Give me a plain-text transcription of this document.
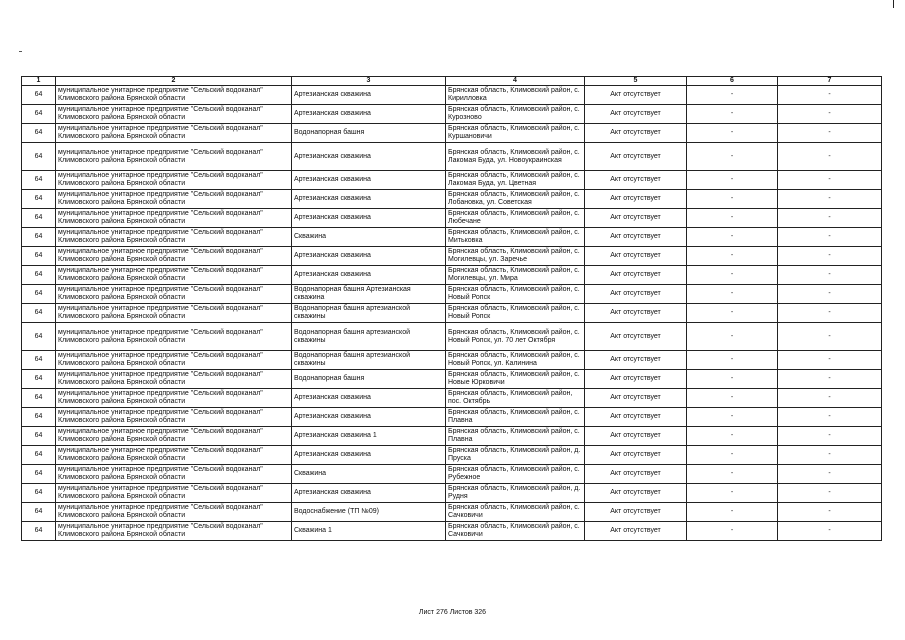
1	2	3	4	5	6	7
64	муниципальное унитарное предприятие "Сельский водоканал" Климовского района Брянской области	Артезианская скважина	Брянская область, Климовский район, с. Кирилловка	Акт отсутствует	-	-
64	муниципальное унитарное предприятие "Сельский водоканал" Климовского района Брянской области	Артезианская скважина	Брянская область, Климовский район, с. Курозново	Акт отсутствует	-	-
64	муниципальное унитарное предприятие "Сельский водоканал" Климовского района Брянской области	Водонапорная башня	Брянская область, Климовский район, с. Куршановичи	Акт отсутствует	-	-
64	муниципальное унитарное предприятие "Сельский водоканал" Климовского района Брянской области	Артезианская скважина	Брянская область, Климовский район, с. Лакомая Буда, ул. Новоукраинская	Акт отсутствует	-	-
64	муниципальное унитарное предприятие "Сельский водоканал" Климовского района Брянской области	Артезианская скважина	Брянская область, Климовский район, с. Лакомая Буда, ул. Цветная	Акт отсутствует	-	-
64	муниципальное унитарное предприятие "Сельский водоканал" Климовского района Брянской области	Артезианская скважина	Брянская область, Климовский район, с. Лобановка, ул. Советская	Акт отсутствует	-	-
64	муниципальное унитарное предприятие "Сельский водоканал" Климовского района Брянской области	Артезианская скважина	Брянская область, Климовский район, с. Любечане	Акт отсутствует	-	-
64	муниципальное унитарное предприятие "Сельский водоканал" Климовского района Брянской области	Скважина	Брянская область, Климовский район, с. Митьковка	Акт отсутствует	-	-
64	муниципальное унитарное предприятие "Сельский водоканал" Климовского района Брянской области	Артезианская скважина	Брянская область, Климовский район, с. Могилевцы, ул. Заречье	Акт отсутствует	-	-
64	муниципальное унитарное предприятие "Сельский водоканал" Климовского района Брянской области	Артезианская скважина	Брянская область, Климовский район, с. Могилевцы, ул. Мира	Акт отсутствует	-	-
64	муниципальное унитарное предприятие "Сельский водоканал" Климовского района Брянской области	Водонапорная башня Артезианская скважина	Брянская область, Климовский район, с. Новый Ропск	Акт отсутствует	-	-
64	муниципальное унитарное предприятие "Сельский водоканал" Климовского района Брянской области	Водонапорная башня артезианской скважины	Брянская область, Климовский район, с. Новый Ропск	Акт отсутствует	-	-
64	муниципальное унитарное предприятие "Сельский водоканал" Климовского района Брянской области	Водонапорная башня артезианской скважины	Брянская область, Климовский район, с. Новый Ропск, ул. 70 лет Октября	Акт отсутствует	-	-
64	муниципальное унитарное предприятие "Сельский водоканал" Климовского района Брянской области	Водонапорная башня артезианской скважины	Брянская область, Климовский район, с. Новый Ропск, ул. Калинина	Акт отсутствует	-	-
64	муниципальное унитарное предприятие "Сельский водоканал" Климовского района Брянской области	Водонапорная башня	Брянская область, Климовский район, с. Новые Юрковичи	Акт отсутствует	-	-
64	муниципальное унитарное предприятие "Сельский водоканал" Климовского района Брянской области	Артезианская скважина	Брянская область, Климовский район, пос. Октябрь	Акт отсутствует	-	-
64	муниципальное унитарное предприятие "Сельский водоканал" Климовского района Брянской области	Артезианская скважина	Брянская область, Климовский район, с. Плавна	Акт отсутствует	-	-
64	муниципальное унитарное предприятие "Сельский водоканал" Климовского района Брянской области	Артезианская скважина 1	Брянская область, Климовский район, с. Плавна	Акт отсутствует	-	-
64	муниципальное унитарное предприятие "Сельский водоканал" Климовского района Брянской области	Артезианская скважина	Брянская область, Климовский район, д. Пруска	Акт отсутствует	-	-
64	муниципальное унитарное предприятие "Сельский водоканал" Климовского района Брянской области	Скважина	Брянская область, Климовский район, с. Рубежное	Акт отсутствует	-	-
64	муниципальное унитарное предприятие "Сельский водоканал" Климовского района Брянской области	Артезианская скважина	Брянская область, Климовский район, д. Рудня	Акт отсутствует	-	-
64	муниципальное унитарное предприятие "Сельский водоканал" Климовского района Брянской области	Водоснабжение (ТП №09)	Брянская область, Климовский район, с. Сачковичи	Акт отсутствует	-	-
64	муниципальное унитарное предприятие "Сельский водоканал" Климовского района Брянской области	Скважина 1	Брянская область, Климовский район, с. Сачковичи	Акт отсутствует	-	-
Лист 276 Листов 326
